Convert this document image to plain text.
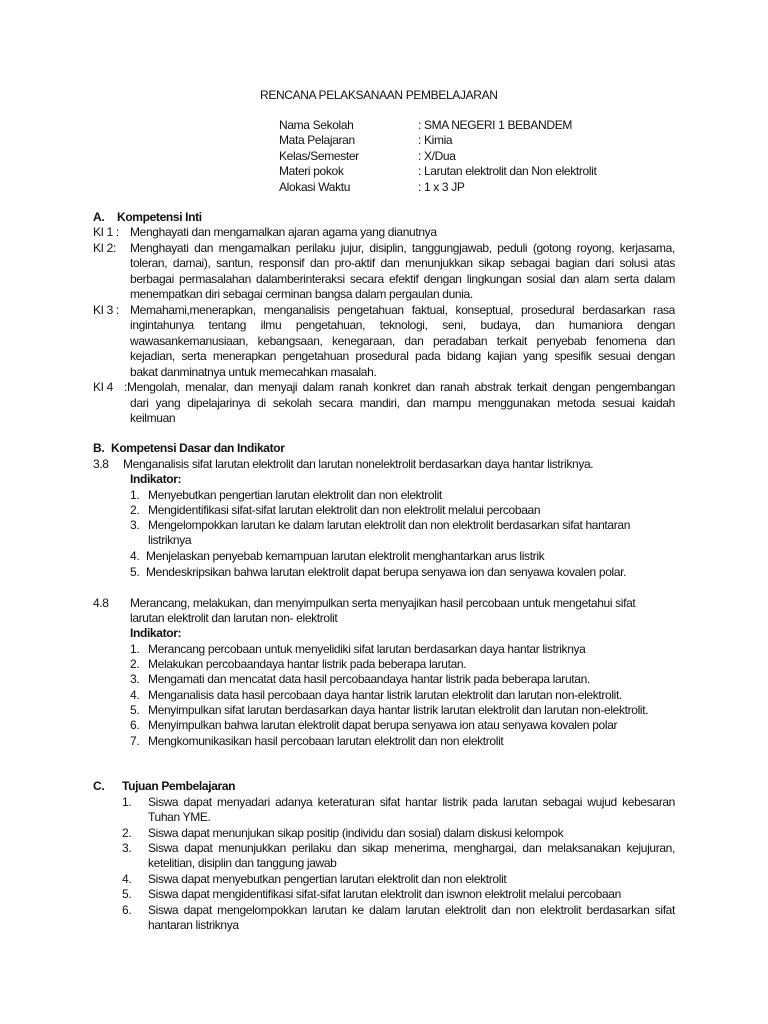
RENCANA PELAKSANAAN PEMBELAJARAN
Nama Sekolah
Mata Pelajaran
Kelas/Semester
Materi pokok
Alokasi Waktu
: SMA NEGERI 1 BEBANDEM
: Kimia
: X/Dua
: Larutan elektrolit dan Non elektrolit
: 1 x 3 JP
A. Kompetensi Inti
KI 1 : Menghayati dan mengamalkan ajaran agama yang dianutnya
KI 2: Menghayati dan mengamalkan perilaku jujur, disiplin, tanggungjawab, peduli (gotong royong, kerjasama,
toleran, damai), santun, responsif dan pro-aktif dan menunjukkan sikap sebagai bagian dari solusi atas
berbagai permasalahan dalamberinteraksi secara efektif dengan lingkungan sosial dan alam serta dalam
menempatkan diri sebagai cerminan bangsa dalam pergaulan dunia.
KI 3 : Memahami,menerapkan, menganalisis pengetahuan faktual, konseptual, prosedural berdasarkan rasa
ingintahunya tentang ilmu pengetahuan, teknologi, seni, budaya, dan humaniora dengan
wawasankemanusiaan, kebangsaan, kenegaraan, dan peradaban terkait penyebab fenomena dan
kejadian, serta menerapkan pengetahuan prosedural pada bidang kajian yang spesifik sesuai dengan
bakat danminatnya untuk memecahkan masalah.
KI 4 :Mengolah, menalar, dan menyaji dalam ranah konkret dan ranah abstrak terkait dengan pengembangan
dari yang dipelajarinya di sekolah secara mandiri, dan mampu menggunakan metoda sesuai kaidah
keilmuan
B. Kompetensi Dasar dan Indikator
3.8 Menganalisis sifat larutan elektrolit dan larutan nonelektrolit berdasarkan daya hantar listriknya.
Indikator:
1. Menyebutkan pengertian larutan elektrolit dan non elektrolit
2. Mengidentifikasi sifat-sifat larutan elektrolit dan non elektrolit melalui percobaan
3. Mengelompokkan larutan ke dalam larutan elektrolit dan non elektrolit berdasarkan sifat hantaran
listriknya
4. Menjelaskan penyebab kemampuan larutan elektrolit menghantarkan arus listrik
5. Mendeskripsikan bahwa larutan elektrolit dapat berupa senyawa ion dan senyawa kovalen polar.
4.8 Merancang, melakukan, dan menyimpulkan serta menyajikan hasil percobaan untuk mengetahui sifat
larutan elektrolit dan larutan non- elektrolit
Indikator:
1. Merancang percobaan untuk menyelidiki sifat larutan berdasarkan daya hantar listriknya
2. Melakukan percobaandaya hantar listrik pada beberapa larutan.
3. Mengamati dan mencatat data hasil percobaandaya hantar listrik pada beberapa larutan.
4. Menganalisis data hasil percobaan daya hantar listrik larutan elektrolit dan larutan non-elektrolit.
5. Menyimpulkan sifat larutan berdasarkan daya hantar listrik larutan elektrolit dan larutan non-elektrolit.
6. Menyimpulkan bahwa larutan elektrolit dapat berupa senyawa ion atau senyawa kovalen polar
7. Mengkomunikasikan hasil percobaan larutan elektrolit dan non elektrolit
C. Tujuan Pembelajaran
1. Siswa dapat menyadari adanya keteraturan sifat hantar listrik pada larutan sebagai wujud kebesaran
Tuhan YME.
2. Siswa dapat menunjukan sikap positip (individu dan sosial) dalam diskusi kelompok
3. Siswa dapat menunjukkan perilaku dan sikap menerima, menghargai, dan melaksanakan kejujuran,
ketelitian, disiplin dan tanggung jawab
4. Siswa dapat menyebutkan pengertian larutan elektrolit dan non elektrolit
5. Siswa dapat mengidentifikasi sifat-sifat larutan elektrolit dan iswnon elektrolit melalui percobaan
6. Siswa dapat mengelompokkan larutan ke dalam larutan elektrolit dan non elektrolit berdasarkan sifat
hantaran listriknya
